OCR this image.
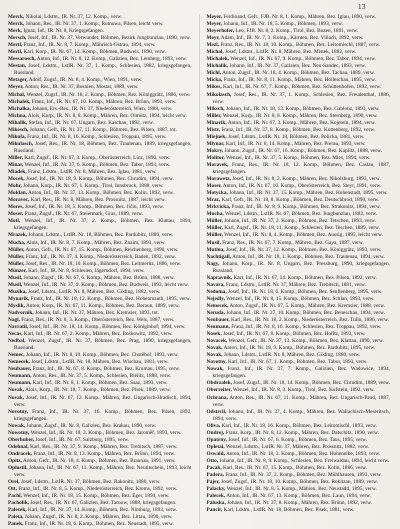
13

Merck, Nikolai, Ldstm., IR. Nr. 37, 12. Komp., verw.

Merck, Johann, Res., IR. Nr. 37, 1. Komp., Rutnowa, Pilsen, leicht verw.

Merk, Ignaz, Inf., IR. Nr. 8, Kriegsgefangen.

Mersch, Josef, Inf., IR. Nr. 37, Verwundet, Böhmen, Bezirk Jungbunzlau, 1890, verw.

Mertl, Franz, Inf., IR. Nr. 8, 7. Komp., Mährisch-Ostrau, 1894, verw.

Mertl, Karl, Korp., IR. Nr. 67, 14. Komp., Böhmen, Budweis, 1890, verw.

Messarosch, Anton, Inf., IR. Nr. 8, 12. Komp., Galizien, Bez. Lemberg, 1893, verw.

Mestan, Josef, Ldstm., LstIR. Nr. 37, 1. Komp., Schlesien, 1882, kriegsgefangen, Russland.

Metzger, Adolf, Zugsf., IR. Nr. 8, 4. Komp., Wien, 1891, verw.

Meyer, Anton, Res., IR. Nr. 37, Bosnien, Mostar, 1889, verw.

Michal, Wenzel, Zugsf., IR. Nr. 18, 2. Komp., Böhmen, Bez. Königgrätz, 1886, verw.

Michalek, Franz, Inf., IR. Nr. 67, 10. Komp., Mähren, Bez. Brünn, 1893, verw.

Michalka, Johann, Ers.-Res., IR. Nr. 37, Niederösterreich, Wien, 1888, verw.

Michna, Alois, Korp., IR. Nr. 8, 8. Komp., Mähren, Bez. Olmütz, 1894, leicht verw.

Mihalik, Stefan, Inf., IR. Nr. 67, Ungarn, Bez. Kaschau, 1892, verw.

Mikesch, Johann, Gefr., IR. Nr. 37, 11. Komp., Böhmen, Bez. Pilsen, 1887, tot.

Mikula, Franz, Inf., IR. Nr. 8, 16. Komp., Schlesien, Troppau, 1895, verw.

Mikulasch, Josef, Res., IR. Nr. 18, Böhmen, Bez. Trautenau, 1889, kriegsgefangen, Russland.

Miller, Karl, Zugsf., IR. Nr. 67, 3. Komp., Oberösterreich, Linz, 1890, verw.

Minar, Wenzel, Inf., IR. Nr. 37, 6. Komp., Böhmen, Bez. Tabor, 1893, verw.

Mladek, Franz, Ldstm., LstIR. Nr. 8, Mähren, Bez. Iglau, 1881, verw.

Mocek, Josef, Inf., IR. Nr. 18, 9. Komp., Böhmen, Bez. Chrudim, 1894, verw.

Mohr, Johann, Korp., IR. Nr. 67, 1. Komp., Tirol, Innsbruck, 1888, verw.

Moldan, Anton, Inf., IR. Nr. 37, 13. Komp., Böhmen, Bez. Kolin, 1892, verw.

Moravec, Karl, Res., IR. Nr. 8, Mähren, Bez. Prossnitz, 1887, leicht verw.

Mores, Josef, Inf., IR. Nr. 18, 5. Komp., Böhmen, Bez. Jičin, 1893, verw.

Moser, Franz, Zugsf., IR. Nr. 67, Steiermark, Graz, 1889, verw.

Motl, Wenzel, Inf., IR. Nr. 37, 2. Komp., Böhmen, Bez. Klattau, 1894, kriegsgefangen.

Mrazek, Johann, Ldstm., LstIR. Nr. 18, Böhmen, Bez. Pardubitz, 1880, verw.

Mucha, Alois, Inf., IR. Nr. 8, 7. Komp., Mähren, Bez. Znaim, 1893, verw.

Müller, Anton, Gefr., IR. Nr. 67, 15. Komp., Böhmen, Reichenberg, 1890, verw.

Müller, Franz, Inf., IR. Nr. 37, 4. Komp., Niederösterreich, Baden, 1892, verw.

Müller, Josef, Res., IR. Nr. 18, 10. Komp., Böhmen, Bez. Leitmeritz, 1886, verw.

Münzer, Karl, Inf., IR. Nr. 8, Schlesien, Jägerndorf, 1894, verw.

Musil, Johann, Zugsf., IR. Nr. 67, 6. Komp., Mähren, Bez. Brünn, 1888, verw.

Musil, Wenzel, Inf., IR. Nr. 37, 9. Komp., Böhmen, Bez. Budweis, 1893, leicht verw.

Muzika, Josef, Ldstm., LstIR. Nr. 8, Mähren, Bez. Göding, 1882, verw.

Mynarik, Franz, Inf., IR. Nr. 18, 12. Komp., Böhmen, Bez. Hohenmauth, 1895, verw.

Myslik, Anton, Korp., IR. Nr. 67, 11. Komp., Böhmen, Bez. Beraun, 1889, verw.

Nadvornik, Johann, Inf., IR. Nr. 37, Mähren, Bez. Kremsier, 1893, tot.

Nagl, Franz, Res., IR. Nr. 8, 3. Komp., Oberösterreich, Bez. Wels, 1887, verw.

Navratil, Josef, Inf., IR. Nr. 18, 14. Komp., Böhmen, Bez. Königinhof, 1894, verw.

Necas, Karl, Inf., IR. Nr. 67, 2. Komp., Mähren, Bez. Boskowitz, 1892, verw.

Nedbal, Wenzel, Zugsf., IR. Nr. 37, Böhmen, Bez. Prag, 1890, kriegsgefangen, Russland.

Nemec, Johann, Inf., IR. Nr. 8, 10. Komp., Böhmen, Bez. Chotěboř, 1893, verw.

Nemecek, Josef, Ldstm., LstIR. Nr. 18, Mähren, Bez. Wischau, 1881, verw.

Neubauer, Franz, Inf., IR. Nr. 67, 8. Komp., Böhmen, Bez. Krumau, 1895, verw.

Neumann, Anton, Res., IR. Nr. 37, 5. Komp., Schlesien, Bielitz, 1888, verw.

Neumann, Karl, Inf., IR. Nr. 8, 1. Komp., Böhmen, Bez. Saaz, 1893, verw.

Novak, Alois, Korp., IR. Nr. 18, 7. Komp., Böhmen, Bez. Písek, 1889, verw.

Novak, Josef, Inf., IR. Nr. 67, 12. Komp., Mähren, Bez. Ungarisch-Hradisch, 1894, verw.

Novotny, Franz, Inf., IR. Nr. 37, 16. Komp., Böhmen, Bez. Pilsen, 1892, kriegsgefangen.

Nowak, Johann, Zugsf., IR. Nr. 8, Galizien, Bez. Krakau, 1890, verw.

Nowotny, Wenzel, Inf., IR. Nr. 18, 3. Komp., Böhmen, Bez. Jaroměř, 1893, verw.

Oberhuber, Josef, Inf., IR. Nr. 67, Salzburg, 1895, verw.

Odehnal, Karl, Res., IR. Nr. 37, 9. Komp., Mähren, Bez. Trebitsch, 1887, verw.

Ondracek, Franz, Inf., IR. Nr. 8, 13. Komp., Mähren, Bez. Brünn, 1894, verw.

Opitz, Anton, Gefr., IR. Nr. 18, 4. Komp., Böhmen, Bez. Braunau, 1891, verw.

Oplustil, Johann, Inf., IR. Nr. 67, 11. Komp., Mähren, Bez. Neutitschein, 1893, leicht verw.

Orel, Josef, Ldstm., LstIR. Nr. 37, Böhmen, Bez. Rakonitz, 1880, verw.

Ott, Franz, Inf., IR. Nr. 8, 5. Komp., Niederösterreich, Bez. Krems, 1892, verw.

Pachl, Wenzel, Inf., IR. Nr. 18, 15. Komp., Böhmen, Bez. Eger, 1894, verw.

Pacholik, Josef, Res., IR. Nr. 67, Galizien, Bez. Tarnow, 1888, kriegsgefangen.

Palecek, Karl, Inf., IR. Nr. 37, 14. Komp., Böhmen, Bez. Nimburg, 1893, verw.

Paleta, Johann, Zugsf., IR. Nr. 8, 2. Komp., Mähren, Bez. Littau, 1890, verw.

Panek, Franz, Inf., IR. Nr. 18, 6. Komp., Böhmen, Bez. Neustadt, 1895, verw.

Meyer, Ferdinand, Gefr., FJB. Nr. 8, 1. Komp., Mähren, Bez. Iglau, 1890, verw.

Meyer, Johann, Inf., IR. Nr. 18, 5. Komp., Böhmen, 1893, verw.

Meyerhofer, Leo, FJB. Nr. 8, 2. Komp., Tirol, Bez. Bozen, 1891, verw.

Meyr, Adam, Inf., IR. Nr. 7, 3. Komp., Kärnten, Bez. Villach, 1892, verw.

Mezl, Franz, Res., IR. Nr. 18, 10. Komp., Böhmen, Bez. Leitomischl, 1887, verw.

Michal, Josef, Ldstm., LstIR. Nr. 8, Mähren, Bez. Mistek, 1882, verw.

Michalek, Wenzel, Inf., IR. Nr. 67, 9. Komp., Böhmen, Bez. Tabor, 1894, verw.

Michalik, Johann, Inf., IR. Nr. 37, Galizien, Bez. Neu-Sandec, 1893, verw.

Michl, Anton, Zugsf., IR. Nr. 18, 4. Komp., Böhmen, Bez. Tachau, 1889, verw.

Micka, Franz, Inf., IR. Nr. 8, 11. Komp., Mähren, Bez. Holleschau, 1895, verw.

Mikes, Karl, Inf., IR. Nr. 67, 7. Komp., Böhmen, Bez. Schüttenhofen, 1892, verw.

Mikolasch, Josef, Res., IR. Nr. 37, 1. Komp., Schlesien, Bez. Freudenthal, 1886, verw.

Miksch, Johann, Inf., IR. Nr. 18, 13. Komp., Böhmen, Bez. Gablonz, 1893, verw.

Miller, Wenzel, Korp., IR. Nr. 8, 6. Komp., Mähren, Bez. Sternberg, 1890, verw.

Minarik, Anton, Inf., IR. Nr. 67, 3. Komp., Mähren, Bez. Kojetein, 1894, verw.

Mistr, Franz, Inf., IR. Nr. 37, 8. Komp., Böhmen, Bez. Kuttenberg, 1892, verw.

Mlejnek, Josef, Ldstm., LstIR. Nr. 18, Böhmen, Bez. Policka, 1881, verw.

Mlynar, Karl, Inf., IR. Nr. 8, 14. Komp., Mähren, Bez. Prerau, 1893, verw.

Mokry, Johann, Zugsf., IR. Nr. 67, 16. Komp., Böhmen, Bez. Kaplitz, 1888, verw.

Molitor, Wenzel, Inf., IR. Nr. 37, 5. Komp., Böhmen, Bez. Mies, 1894, verw.

Moravek, Franz, Res., IR. Nr. 18, 12. Komp., Böhmen, Bez. Caslau, 1887, kriegsgefangen.

Morawetz, Josef, Inf., IR. Nr. 8, 2. Komp., Mähren, Bez. Nikolsburg, 1893, verw.

Moser, Anton, Inf., IR. Nr. 67, 10. Komp., Oberösterreich, Bez. Steyr, 1891, verw.

Motycka, Johann, Inf., IR. Nr. 37, 15. Komp., Mähren, Bez. Hohenstadt, 1895, verw.

Mraz, Karl, Gefr., IR. Nr. 18, 8. Komp., Böhmen, Bez. Deutschbrod, 1890, verw.

Mrkvicka, Franz, Inf., IR. Nr. 8, 9. Komp., Böhmen, Bez. Strakonitz, 1894, verw.

Mucha, Wenzel, Ldstm., LstIR. Nr. 67, Böhmen, Bez. Jungbunzlau, 1882, verw.

Müller, Johann, Inf., IR. Nr. 37, 3. Komp., Böhmen, Bez. Tetschen, 1893, verw.

Müller, Karl, Zugsf., IR. Nr. 18, 11. Komp., Schlesien, Bez. Teschen, 1889, verw.

Müller, Wenzel, Inf., IR. Nr. 8, 4. Komp., Böhmen, Bez. Aussig, 1895, leicht verw.

Musil, Franz, Res., IR. Nr. 67, 7. Komp., Mähren, Bez. Gaya, 1887, verw.

Mutina, Josef, Inf., IR. Nr. 37, 12. Komp., Böhmen, Bez. Königgrätz, 1893, verw.

Nachtigall, Anton, Inf., IR. Nr. 18, 1. Komp., Böhmen, Bez. Trautenau, 1894, verw.

Nagy, Johann, Korp., IR. Nr. 8, Ungarn, Bez. Pressburg, 1890, kriegsgefangen, Russland.

Napravnik, Karl, Inf., IR. Nr. 67, 14. Komp., Böhmen, Bez. Pilsen, 1892, verw.

Navara, Franz, Ldstm., LstIR. Nr. 37, Mähren, Bez. Trebitsch, 1881, verw.

Nedoma, Josef, Inf., IR. Nr. 18, 6. Komp., Böhmen, Bez. Senftenberg, 1895, verw.

Nejedly, Wenzel, Inf., IR. Nr. 8, 15. Komp., Böhmen, Bez. Schlan, 1893, verw.

Nemecek, Anton, Zugsf., IR. Nr. 67, 5. Komp., Mähren, Bez. Kremsier, 1888, verw.

Neruda, Johann, Inf., IR. Nr. 37, 10. Komp., Böhmen, Bez. Beneschau, 1894, verw.

Neubauer, Karl, Res., IR. Nr. 18, 2. Komp., Niederösterreich, Bez. Tulln, 1886, verw.

Neumann, Franz, Inf., IR. Nr. 8, 16. Komp., Schlesien, Bez. Troppau, 1892, verw.

Nosek, Josef, Inf., IR. Nr. 67, 8. Komp., Böhmen, Bez. Hořitz, 1893, verw.

Novacek, Wenzel, Gefr., IR. Nr. 37, 13. Komp., Böhmen, Bez. Klattau, 1890, verw.

Novak, Anton, Inf., IR. Nr. 18, 9. Komp., Böhmen, Bez. Pardubitz, 1895, verw.

Novak, Johann, Ldstm., LstIR. Nr. 8, Mähren, Bez. Göding, 1880, verw.

Novotny, Karl, Inf., IR. Nr. 67, 1. Komp., Böhmen, Bez. Tabor, 1893, verw.

Nowak, Franz, Inf., IR. Nr. 37, 7. Komp., Galizien, Bez. Wadowice, 1894, kriegsgefangen.

Obdrzalek, Josef, Zugsf., IR. Nr. 18, 14. Komp., Böhmen, Bez. Chrudim, 1889, verw.

Oberreiter, Wenzel, Inf., IR. Nr. 8, 3. Komp., Tirol, Bez. Kufstein, 1892, verw.

Ochrana, Anton, Res., IR. Nr. 67, 11. Komp., Mähren, Bez. Ungarisch-Brod, 1887, verw.

Odstrcil, Johann, Inf., IR. Nr. 37, 4. Komp., Mähren, Bez. Wallachisch-Meseritsch, 1894, verw.

Oliva, Karl, Inf., IR. Nr. 18, 16. Komp., Böhmen, Bez. Leitomischl, 1893, verw.

Ondrej, Franz, Korp., IR. Nr. 8, 12. Komp., Mähren, Bez. Datschitz, 1890, verw.

Opatrny, Josef, Inf., IR. Nr. 67, 6. Komp., Böhmen, Bez. Taus, 1895, verw.

Opletal, Wenzel, Ldstm., LstIR. Nr. 37, Mähren, Bez. Prossnitz, 1882, verw.

Oswald, Anton, Inf., IR. Nr. 18, 3. Komp., Böhmen, Bez. Hohenelbe, 1893, verw.

Otto, Johann, Inf., IR. Nr. 8, 9. Komp., Schlesien, Bez. Freiwaldau, 1894, leicht verw.

Pacak, Karl, Res., IR. Nr. 67, 15. Komp., Böhmen, Bez. Kolin, 1886, verw.

Padera, Franz, Inf., IR. Nr. 37, 2. Komp., Böhmen, Bez. Mühlhausen, 1893, verw.

Pajer, Josef, Zugsf., IR. Nr. 18, 10. Komp., Böhmen, Bez. Rokitzan, 1889, verw.

Palacky, Wenzel, Inf., IR. Nr. 8, 5. Komp., Mähren, Bez. Neustadtl, 1895, verw.

Palecek, Anton, Inf., IR. Nr. 67, 13. Komp., Böhmen, Bez. Laun, 1894, verw.

Paluska, Johann, Inf., IR. Nr. 37, 8. Komp., Mähren, Bez. Brünn, 1892, verw.

Pancir, Karl, Ldstm., LstIR. Nr. 18, Böhmen, Bez. Pisek, 1881, verw.
